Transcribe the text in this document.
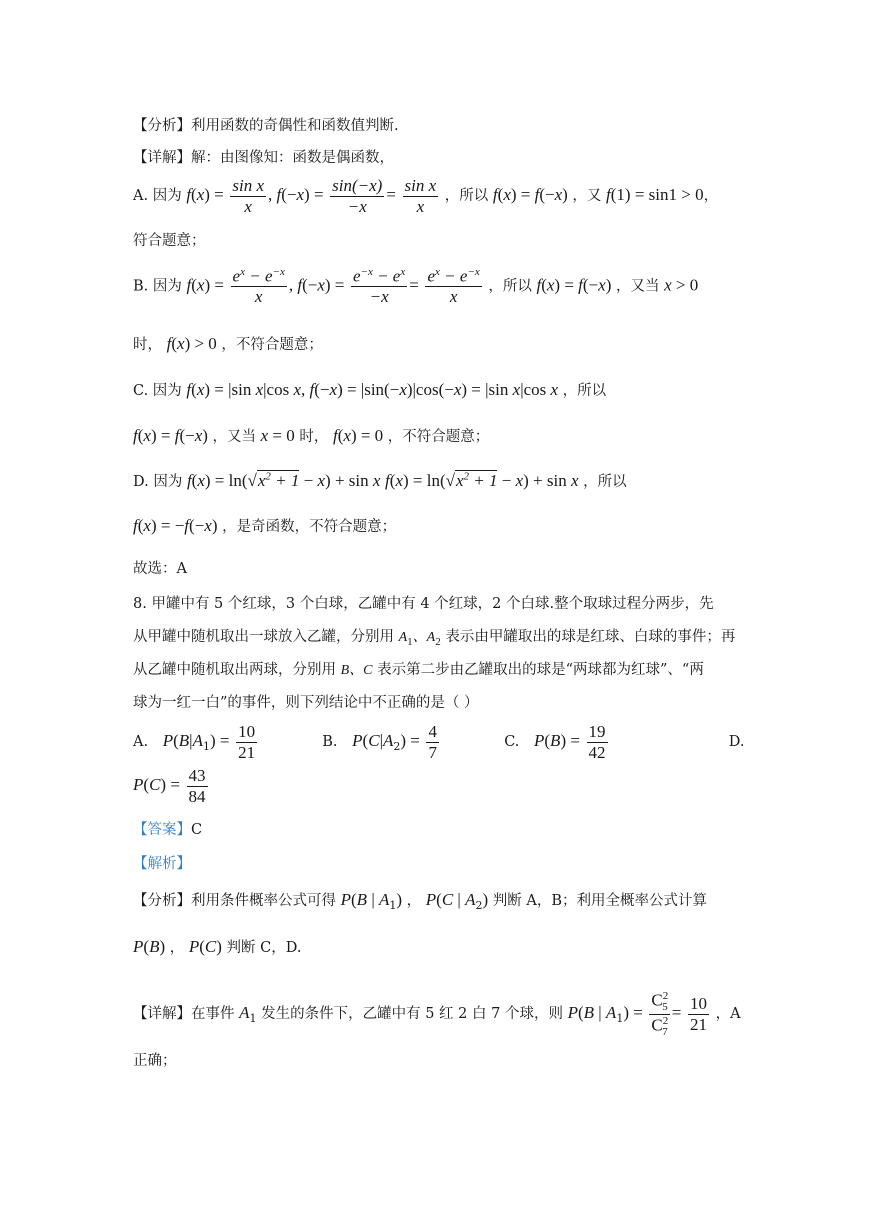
【分析】利用函数的奇偶性和函数值判断.
【详解】解：由图像知：函数是偶函数，
A. 因为 $f(x) = \frac{\text{sin x}}{x}$ , $f(-x) = \frac{\sin(-x)}{-x} = \frac{\text{sin x}}{x}$ ，所以 f(x) = f(−x) ，又 f(1) = sin1 > 0，
符合题意；
B. 因为 $f(x) = \frac{e^x - e^{-x}}{x}$ , $f(-x) = \frac{e^{-x} - e^x}{-x} = \frac{e^x - e^{-x}}{x}$ ，所以 f(x) = f(−x) ，又当 x > 0
时， f(x) > 0 ，不符合题意；
C. 因为 f(x) = |sin x|cos x, f(−x) = |sin(−x)|cos(−x) = |sin x|cos x ，所以
f(x) = f(−x) ，又当 x = 0 时， f(x) = 0 ，不符合题意；
D. 因为 $f(x) = \ln(√x^2 + 1 - x) + \sin x$ $f(x) = \ln(√x^2 + 1 - x) + \sin x$ ，所以
f(x) = −f(−x) ，是奇函数，不符合题意；
故选：A
8. 甲罐中有 5 个红球，3 个白球，乙罐中有 4 个红球，2 个白球.整个取球过程分两步，先
从甲罐中随机取出一球放入乙罐，分别用 $A_1$、$A_2$ 表示由甲罐取出的球是红球、白球的事件；再
从乙罐中随机取出两球，分别用 B、C 表示第二步由乙罐取出的球是“两球都为红球”、“两
球为一红一白”的事件，则下列结论中不正确的是（ ）
A. $P(B|A_1) = \frac{10}{21}$	B. $P(C|A_2) = \frac{4}{7}$	C. $P(B) = \frac{19}{42}$	D.
$P(C) = \frac{43}{84}$
【答案】C
【解析】
【分析】利用条件概率公式可得 P(B | $A_1$) ， P(C | $A_2$) 判断 A，B；利用全概率公式计算
P(B) ， P(C) 判断 C，D.
【详解】在事件 $A_1$ 发生的条件下，乙罐中有 5 红 2 白 7 个球，则 P(B | $A_1) = \frac{C^2_5}{C^2_7} = \frac{10}{21}$ ，A
正确；
